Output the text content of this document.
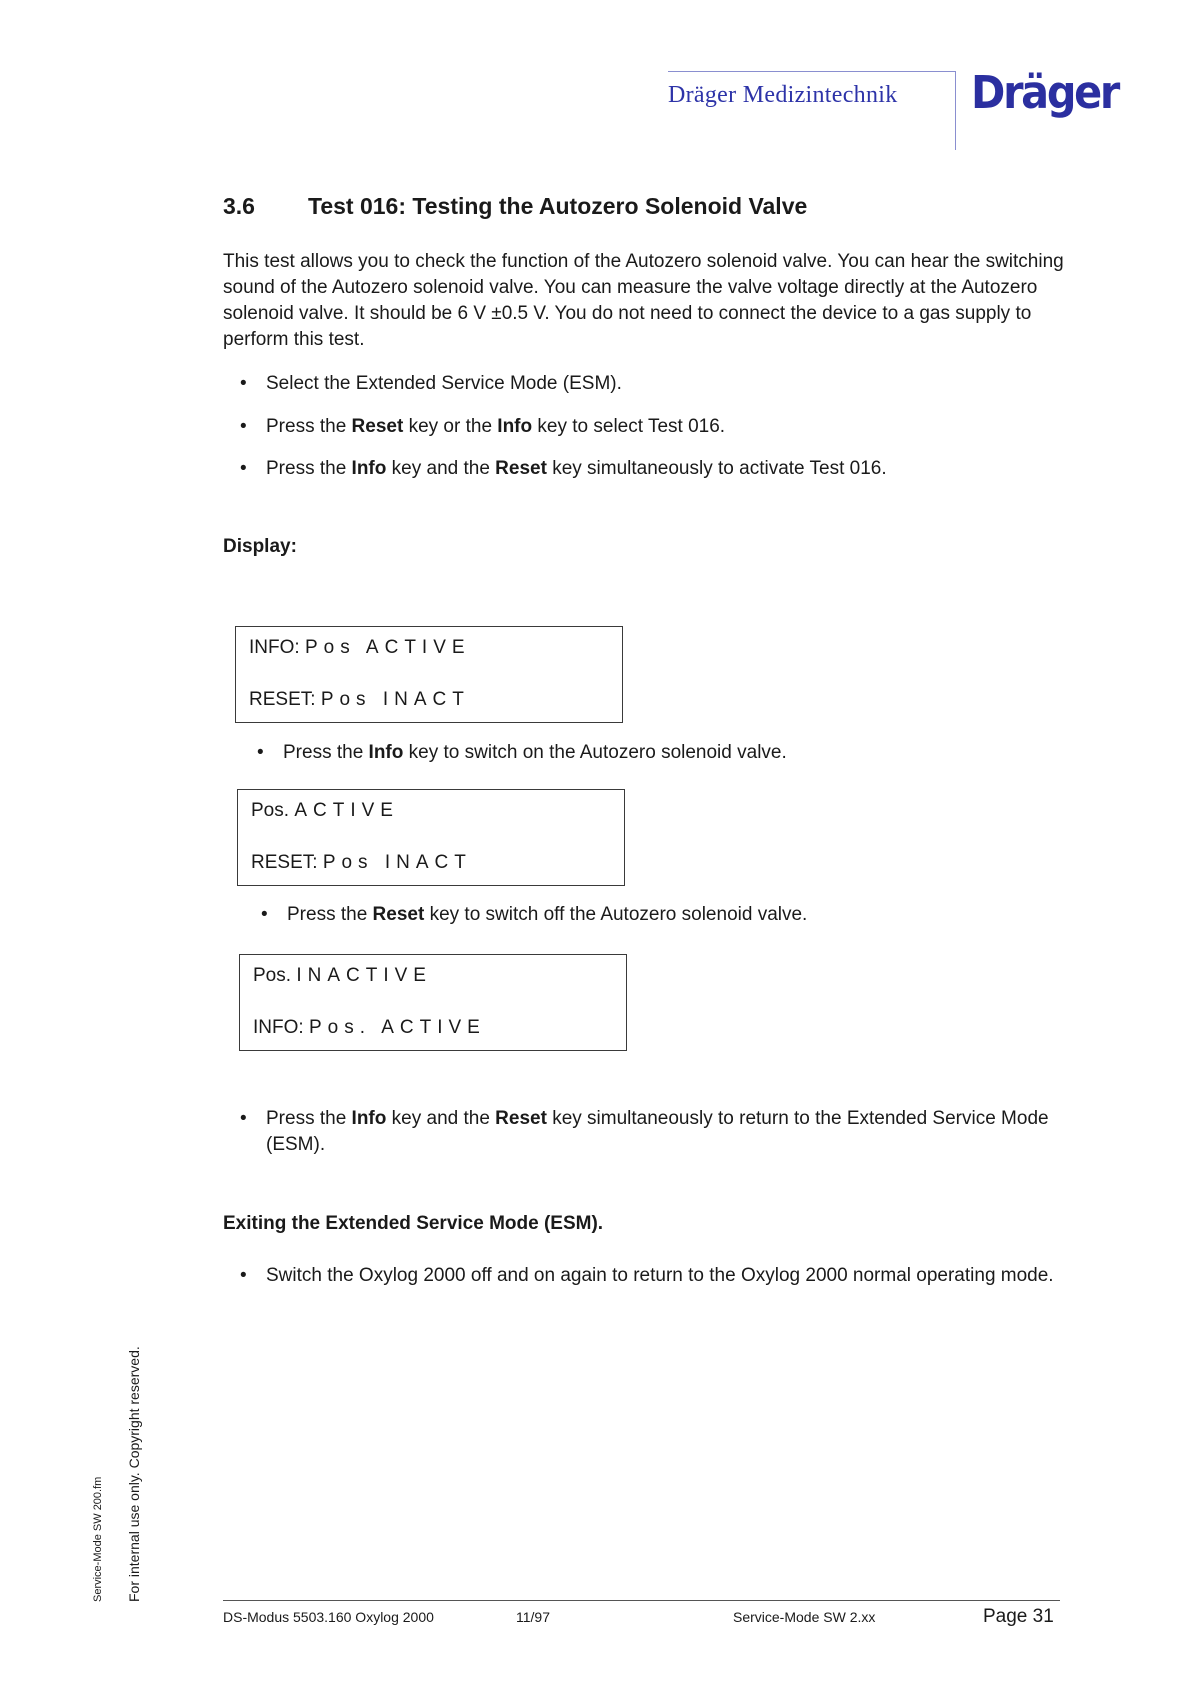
Dräger Medizintechnik Dräger
3.6 Test 016: Testing the Autozero Solenoid Valve

This test allows you to check the function of the Autozero solenoid valve. You can hear the switching sound of the Autozero solenoid valve. You can measure the valve voltage directly at the Autozero solenoid valve. It should be 6 V ±0.5 V. You do not need to connect the device to a gas supply to perform this test.

•	Select the Extended Service Mode (ESM).
•	Press the Reset key or the Info key to select Test 016.
•	Press the Info key and the Reset key simultaneously to activate Test 016.
Display:
INFO: Pos ACTIVE
RESET: Pos INACT
•	Press the Info key to switch on the Autozero solenoid valve.
Pos. ACTIVE
RESET: Pos INACT
•	Press the Reset key to switch off the Autozero solenoid valve.
Pos. INACTIVE
INFO: Pos. ACTIVE
•	Press the Info key and the Reset key simultaneously to return to the Extended Service Mode (ESM).
Exiting the Extended Service Mode (ESM).
•	Switch the Oxylog 2000 off and on again to return to the Oxylog 2000 normal operating mode.
Service-Mode SW 200.fm For internal use only. Copyright reserved.
DS-Modus 5503.160 Oxylog 2000	11/97	Service-Mode SW 2.xx	Page 31
